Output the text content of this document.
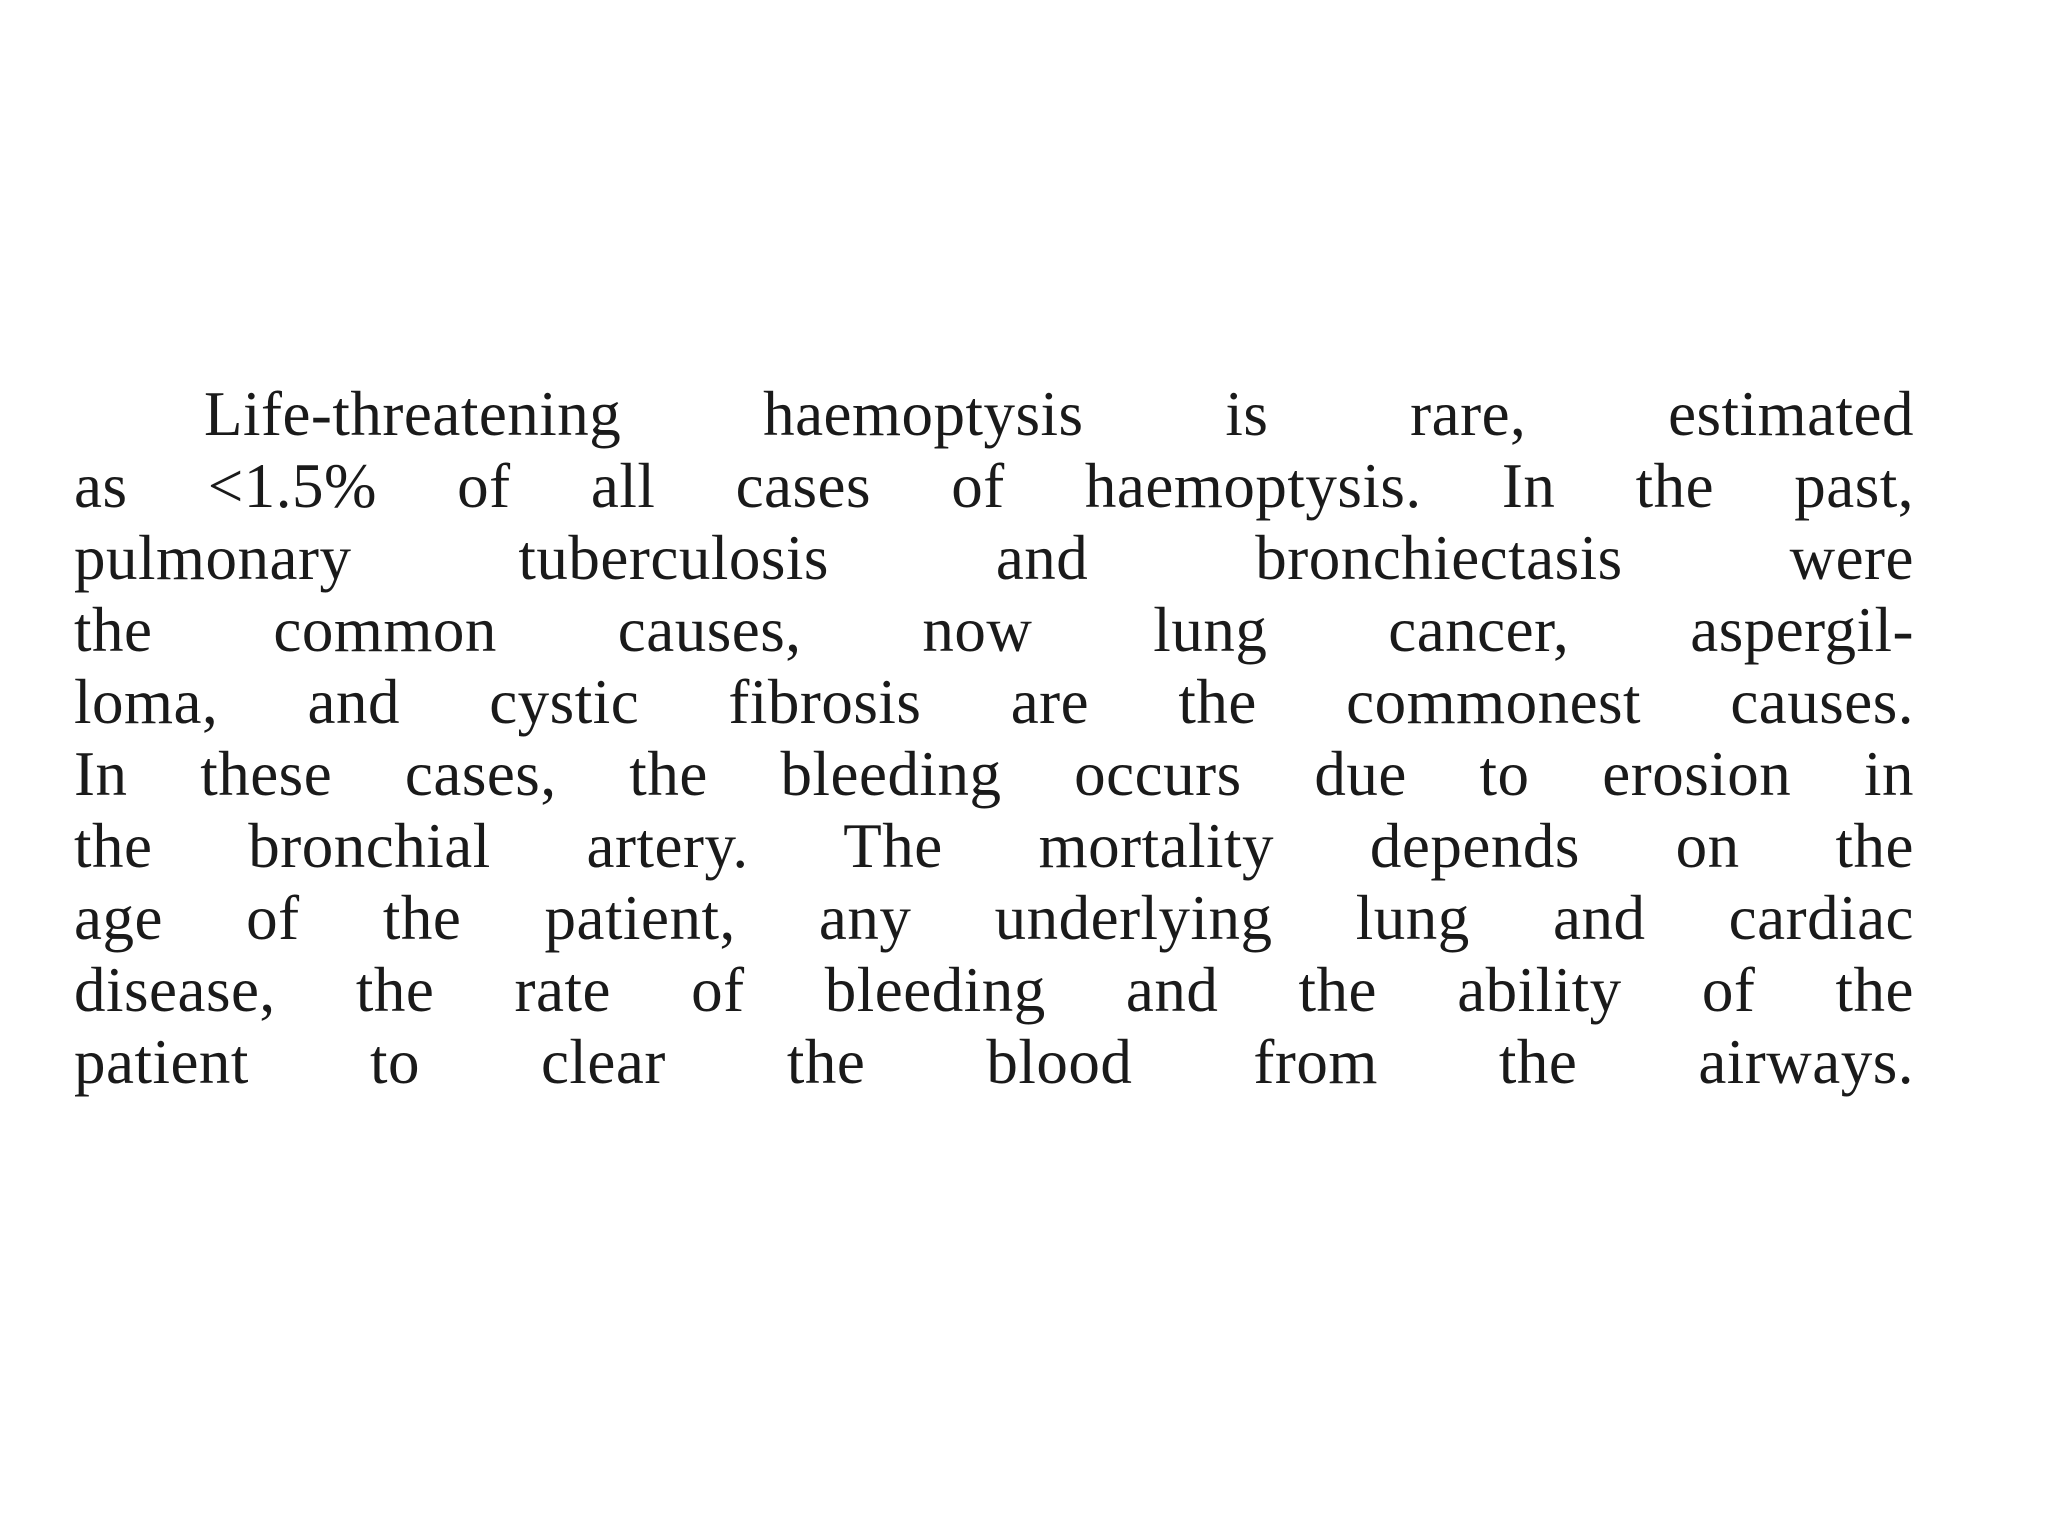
Life-threatening haemoptysis is rare, estimated
as <1.5% of all cases of haemoptysis. In the past,
pulmonary tuberculosis and bronchiectasis were
the common causes, now lung cancer, aspergil-
loma, and cystic fibrosis are the commonest causes.
In these cases, the bleeding occurs due to erosion in
the bronchial artery. The mortality depends on the
age of the patient, any underlying lung and cardiac
disease, the rate of bleeding and the ability of the
patient to clear the blood from the airways.
